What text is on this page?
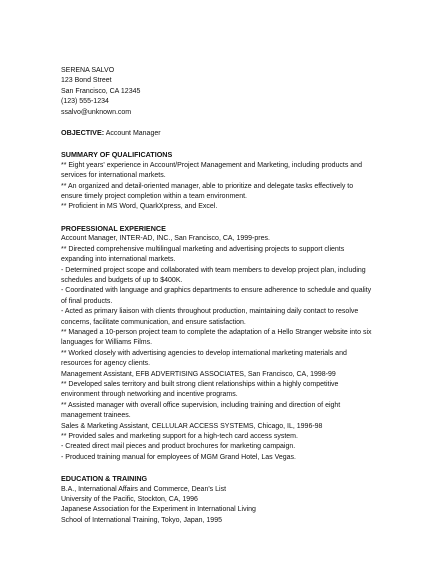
SERENA SALVO
123 Bond Street
San Francisco, CA 12345
(123) 555-1234
ssalvo@unknown.com
OBJECTIVE: Account Manager
SUMMARY OF QUALIFICATIONS
** Eight years' experience in Account/Project Management and Marketing, including products and
services for international markets.
** An organized and detail-oriented manager, able to prioritize and delegate tasks effectively to
ensure timely project completion within a team environment.
** Proficient in MS Word, QuarkXpress, and Excel.
PROFESSIONAL EXPERIENCE
Account Manager, INTER-AD, INC., San Francisco, CA, 1999-pres.
** Directed comprehensive multilingual marketing and advertising projects to support clients
expanding into international markets.
- Determined project scope and collaborated with team members to develop project plan, including
schedules and budgets of up to $400K.
- Coordinated with language and graphics departments to ensure adherence to schedule and quality
of final products.
- Acted as primary liaison with clients throughout production, maintaining daily contact to resolve
concerns, facilitate communication, and ensure satisfaction.
** Managed a 10-person project team to complete the adaptation of a Hello Stranger website into six
languages for Williams Films.
** Worked closely with advertising agencies to develop international marketing materials and
resources for agency clients.
Management Assistant, EFB ADVERTISING ASSOCIATES, San Francisco, CA, 1998-99
** Developed sales territory and built strong client relationships within a highly competitive
environment through networking and incentive programs.
** Assisted manager with overall office supervision, including training and direction of eight
management trainees.
Sales & Marketing Assistant, CELLULAR ACCESS SYSTEMS, Chicago, IL, 1996-98
** Provided sales and marketing support for a high-tech card access system.
- Created direct mail pieces and product brochures for marketing campaign.
- Produced training manual for employees of MGM Grand Hotel, Las Vegas.
EDUCATION & TRAINING
B.A., International Affairs and Commerce, Dean's List
University of the Pacific, Stockton, CA, 1996
Japanese Association for the Experiment in International Living
School of International Training, Tokyo, Japan, 1995
